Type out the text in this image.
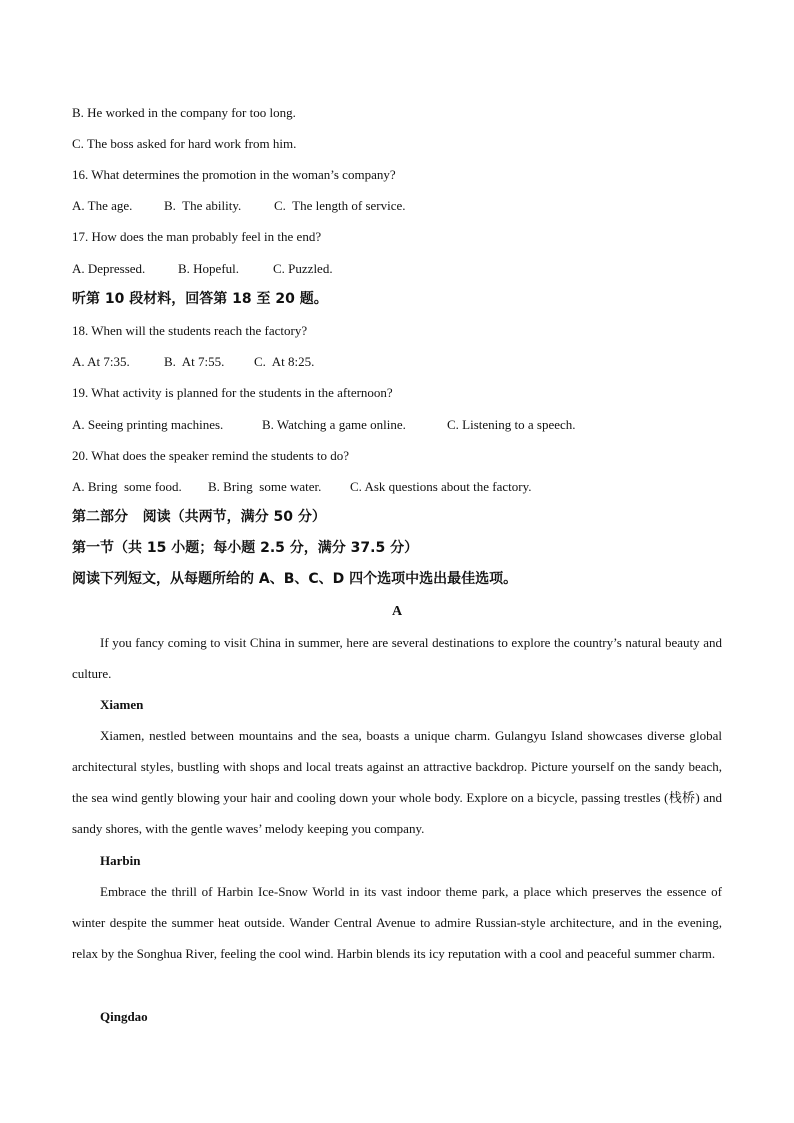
B. He worked in the company for too long.
C. The boss asked for hard work from him.
16. What determines the promotion in the woman’s company?
A. The age.	B.  The ability.	C.  The length of service.
17. How does the man probably feel in the end?
A. Depressed.	B. Hopeful.	C. Puzzled.
听第 10 段材料，回答第 18 至 20 题。
18. When will the students reach the factory?
A. At 7:35.	B.  At 7:55.	C.  At 8:25.
19. What activity is planned for the students in the afternoon?
A. Seeing printing machines.	B. Watching a game online.	C. Listening to a speech.
20. What does the speaker remind the students to do?
A. Bring  some food.	B. Bring  some water.	C. Ask questions about the factory.
第二部分   阅读（共两节，满分 50 分）
第一节（共 15 小题；每小题 2.5 分，满分 37.5 分）
阅读下列短文，从每题所给的 A、B、C、D 四个选项中选出最佳选项。
A
If you fancy coming to visit China in summer, here are several destinations to explore the country’s natural beauty and culture.
Xiamen
Xiamen, nestled between mountains and the sea, boasts a unique charm. Gulangyu Island showcases diverse global architectural styles, bustling with shops and local treats against an attractive backdrop. Picture yourself on the sandy beach, the sea wind gently blowing your hair and cooling down your whole body. Explore on a bicycle, passing trestles (栈桥) and sandy shores, with the gentle waves’ melody keeping you company.
Harbin
Embrace the thrill of Harbin Ice-Snow World in its vast indoor theme park, a place which preserves the essence of winter despite the summer heat outside. Wander Central Avenue to admire Russian-style architecture, and in the evening, relax by the Songhua River, feeling the cool wind. Harbin blends its icy reputation with a cool and peaceful summer charm.
Qingdao
